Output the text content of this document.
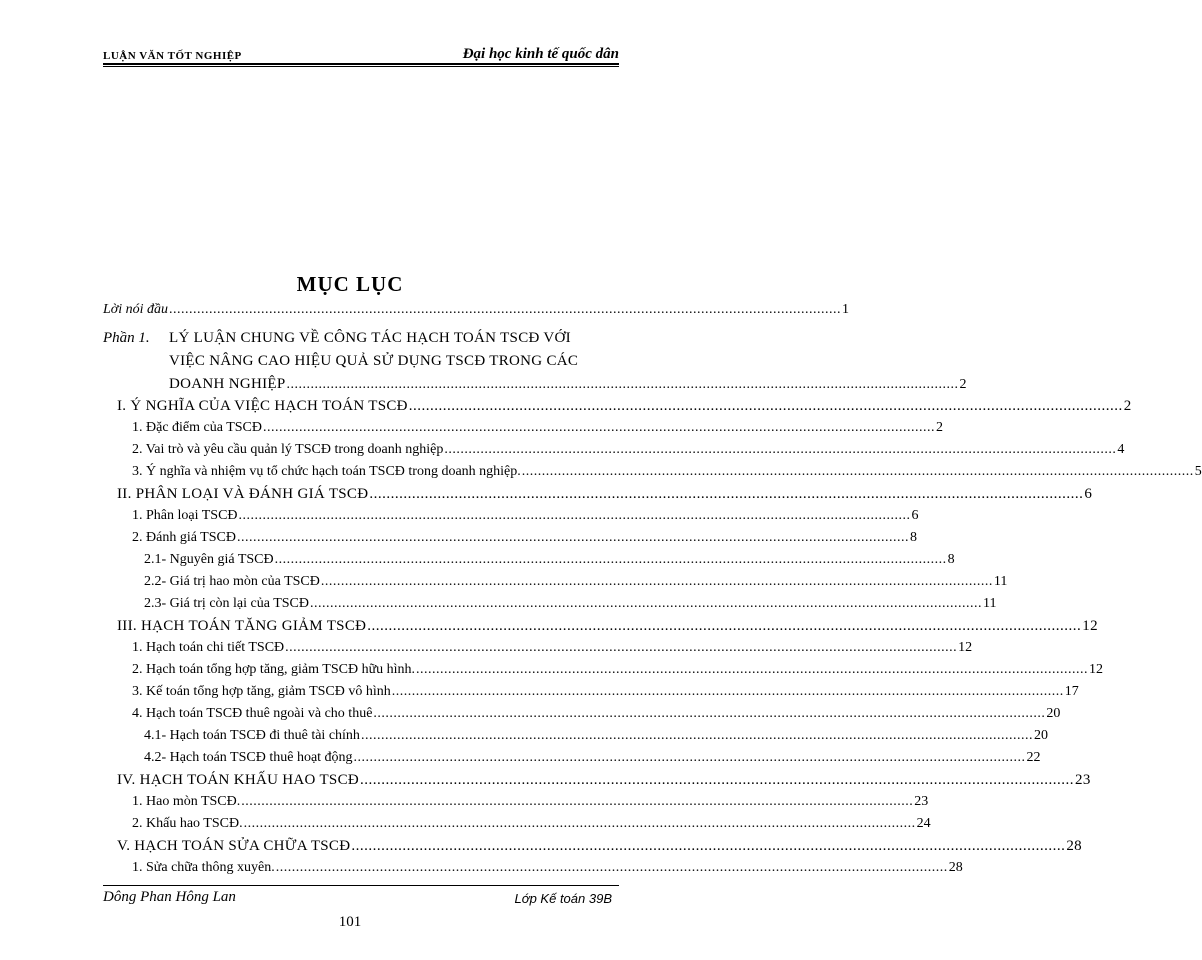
LUẬN VĂN TỐT NGHIỆP	Đại học kinh tế quốc dân
MỤC LỤC
Lời nói đầu ........................................................................................................................................................................ 1
Phần 1. LÝ LUẬN CHUNG VỀ CÔNG TÁC HẠCH TOÁN TSCĐ VỚI
VIỆC NÂNG CAO HIỆU QUẢ SỬ DỤNG TSCĐ TRONG CÁC
DOANH NGHIỆP ........................................................................................................................................................................ 2
I. Ý NGHĨA CỦA VIỆC HẠCH TOÁN TSCĐ ........................................................................................................................................................................ 2
1. Đặc điểm của TSCĐ ........................................................................................................................................................................ 2
2. Vai trò và yêu cầu quản lý TSCĐ trong doanh nghiệp ........................................................................................................................................................................ 4
3. Ý nghĩa và nhiệm vụ tổ chức hạch toán TSCĐ trong doanh nghiệp. ........................................................................................................................................................................ 5
II. PHÂN LOẠI VÀ ĐÁNH GIÁ TSCĐ ........................................................................................................................................................................ 6
1. Phân loại TSCĐ ........................................................................................................................................................................ 6
2. Đánh giá TSCĐ ........................................................................................................................................................................ 8
2.1- Nguyên giá TSCĐ ........................................................................................................................................................................ 8
2.2- Giá trị hao mòn của TSCĐ ........................................................................................................................................................................ 11
2.3- Giá trị còn lại của TSCĐ ........................................................................................................................................................................ 11
III. HẠCH TOÁN TĂNG GIẢM TSCĐ ........................................................................................................................................................................ 12
1. Hạch toán chi tiết TSCĐ ........................................................................................................................................................................ 12
2. Hạch toán tổng hợp tăng, giảm TSCĐ hữu hình. ........................................................................................................................................................................ 12
3. Kế toán tổng hợp tăng, giảm TSCĐ vô hình ........................................................................................................................................................................ 17
4. Hạch toán TSCĐ thuê ngoài và cho thuê ........................................................................................................................................................................ 20
4.1- Hạch toán TSCĐ đi thuê tài chính ........................................................................................................................................................................ 20
4.2- Hạch toán TSCĐ thuê hoạt động ........................................................................................................................................................................ 22
IV. HẠCH TOÁN KHẤU HAO TSCĐ ........................................................................................................................................................................ 23
1. Hao mòn TSCĐ. ........................................................................................................................................................................ 23
2. Khấu hao TSCĐ. ........................................................................................................................................................................ 24
V. HẠCH TOÁN SỬA CHỮA TSCĐ ........................................................................................................................................................................ 28
1. Sửa chữa thông xuyên. ........................................................................................................................................................................ 28
Dông Phan Hông Lan	Lớp Kế toán 39B
101
